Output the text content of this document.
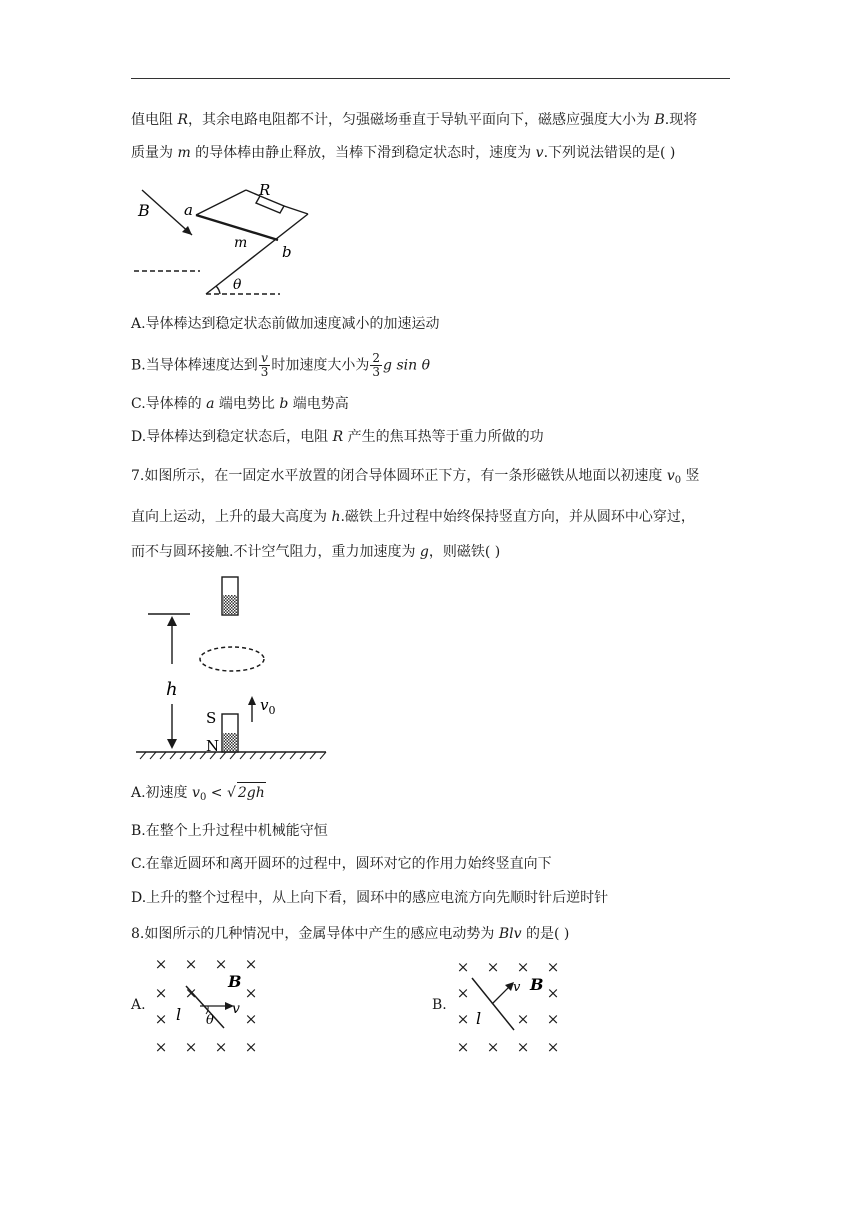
值电阻 R，其余电路电阻都不计，匀强磁场垂直于导轨平面向下，磁感应强度大小为 B.现将
质量为 m 的导体棒由静止释放，当棒下滑到稳定状态时，速度为 v.下列说法错误的是( )
B a
R
m b
θ
A.导体棒达到稳定状态前做加速度减小的加速运动
B.当导体棒速度达到 $\frac{v}{3}$ 时加速度大小为 $\frac{2}{3}$ g sin θ
C.导体棒的 a 端电势比 b 端电势高
D.导体棒达到稳定状态后，电阻 R 产生的焦耳热等于重力所做的功
7.如图所示，在一固定水平放置的闭合导体圆环正下方，有一条形磁铁从地面以初速度 $v_0$ 竖
直向上运动，上升的最大高度为 h.磁铁上升过程中始终保持竖直方向，并从圆环中心穿过，
而不与圆环接触.不计空气阻力，重力加速度为 g，则磁铁( )
h
S
N
$v_0$
A.初速度 $v_0$ < √ 2gh
B.在整个上升过程中机械能守恒
C.在靠近圆环和离开圆环的过程中，圆环对它的作用力始终竖直向下
D.上升的整个过程中，从上向下看，圆环中的感应电流方向先顺时针后逆时针
8.如图所示的几种情况中，金属导体中产生的感应电动势为 Blv 的是( )
A.	B.
× × × ×
× ×	×
×	×
× × × ×
B
l θ
v
× × × ×
×	×
×	× ×
× × × ×
B
l
v
